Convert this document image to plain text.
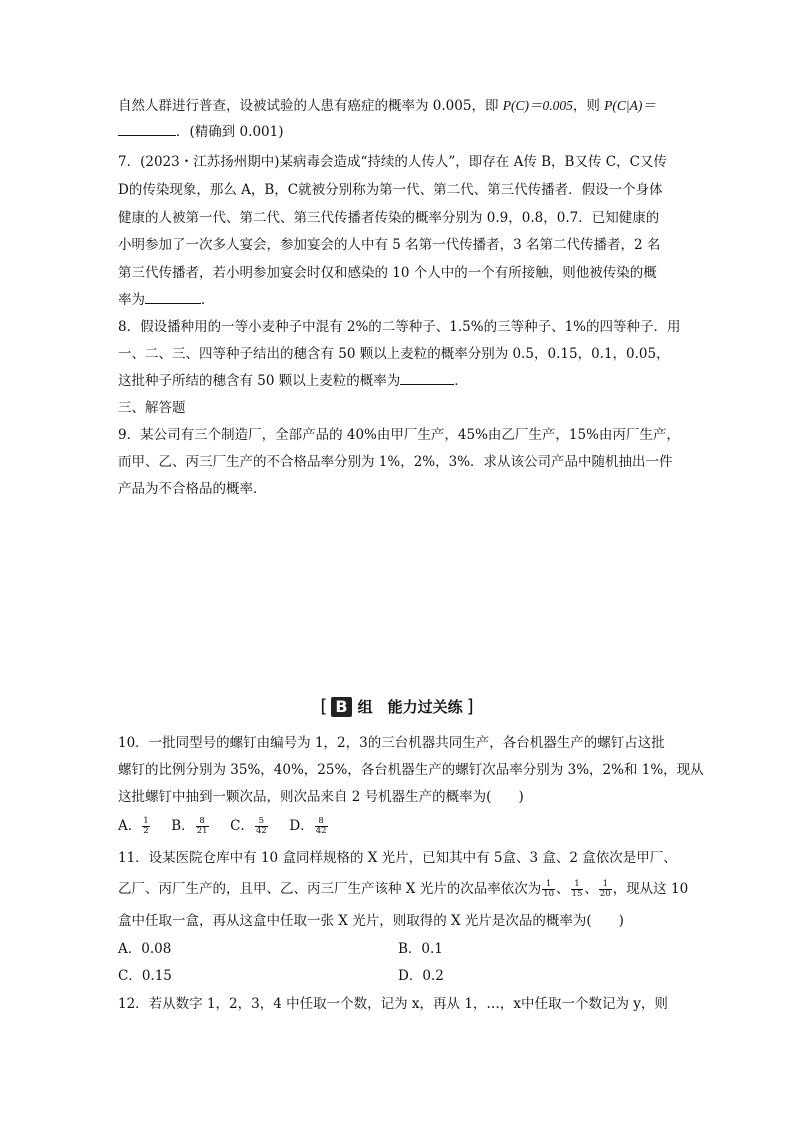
自然人群进行普查，设被试验的人患有癌症的概率为 0.005，即 P(C)＝0.005，则 P(C|A)＝
．(精确到 0.001)
7．(2023・江苏扬州期中)某病毒会造成“持续的人传人”，即存在 A传 B，B又传 C，C又传
D的传染现象，那么 A，B，C就被分别称为第一代、第二代、第三代传播者．假设一个身体
健康的人被第一代、第二代、第三代传播者传染的概率分别为 0.9，0.8，0.7．已知健康的
小明参加了一次多人宴会，参加宴会的人中有 5 名第一代传播者，3 名第二代传播者，2 名
第三代传播者，若小明参加宴会时仅和感染的 10 个人中的一个有所接触，则他被传染的概
率为	．
8．假设播种用的一等小麦种子中混有 2%的二等种子、1.5%的三等种子、1%的四等种子．用
一、二、三、四等种子结出的穗含有 50 颗以上麦粒的概率分别为 0.5，0.15，0.1，0.05，
这批种子所结的穗含有 50 颗以上麦粒的概率为	．
三、解答题
9．某公司有三个制造厂，全部产品的 40%由甲厂生产，45%由乙厂生产，15%由丙厂生产，
而甲、乙、丙三厂生产的不合格品率分别为 1%，2%，3%．求从该公司产品中随机抽出一件
产品为不合格品的概率．
[ B 组　能力过关练 ]
10．一批同型号的螺钉由编号为 1，2，3的三台机器共同生产，各台机器生产的螺钉占这批
螺钉的比例分别为 35%，40%，25%，各台机器生产的螺钉次品率分别为 3%，2%和 1%，现从
这批螺钉中抽到一颗次品，则次品来自 2 号机器生产的概率为(　　)
A． $\frac{1}{2}$ B． $\frac{8}{21}$ C． $\frac{5}{42}$ D． $\frac{8}{42}$
11．设某医院仓库中有 10 盒同样规格的 X 光片，已知其中有 5盒、3 盒、2 盒依次是甲厂、
乙厂、丙厂生产的，且甲、乙、丙三厂生产该种 X 光片的次品率依次为 $\frac{1}{10}$ 、 $\frac{1}{15}$ 、 $\frac{1}{20}$ ，现从这 10
盒中任取一盒，再从这盒中任取一张 X 光片，则取得的 X 光片是次品的概率为(　　)
A．0.08	B．0.1
C．0.15	D．0.2
12．若从数字 1，2，3，4 中任取一个数，记为 x，再从 1，…，x中任取一个数记为 y，则
